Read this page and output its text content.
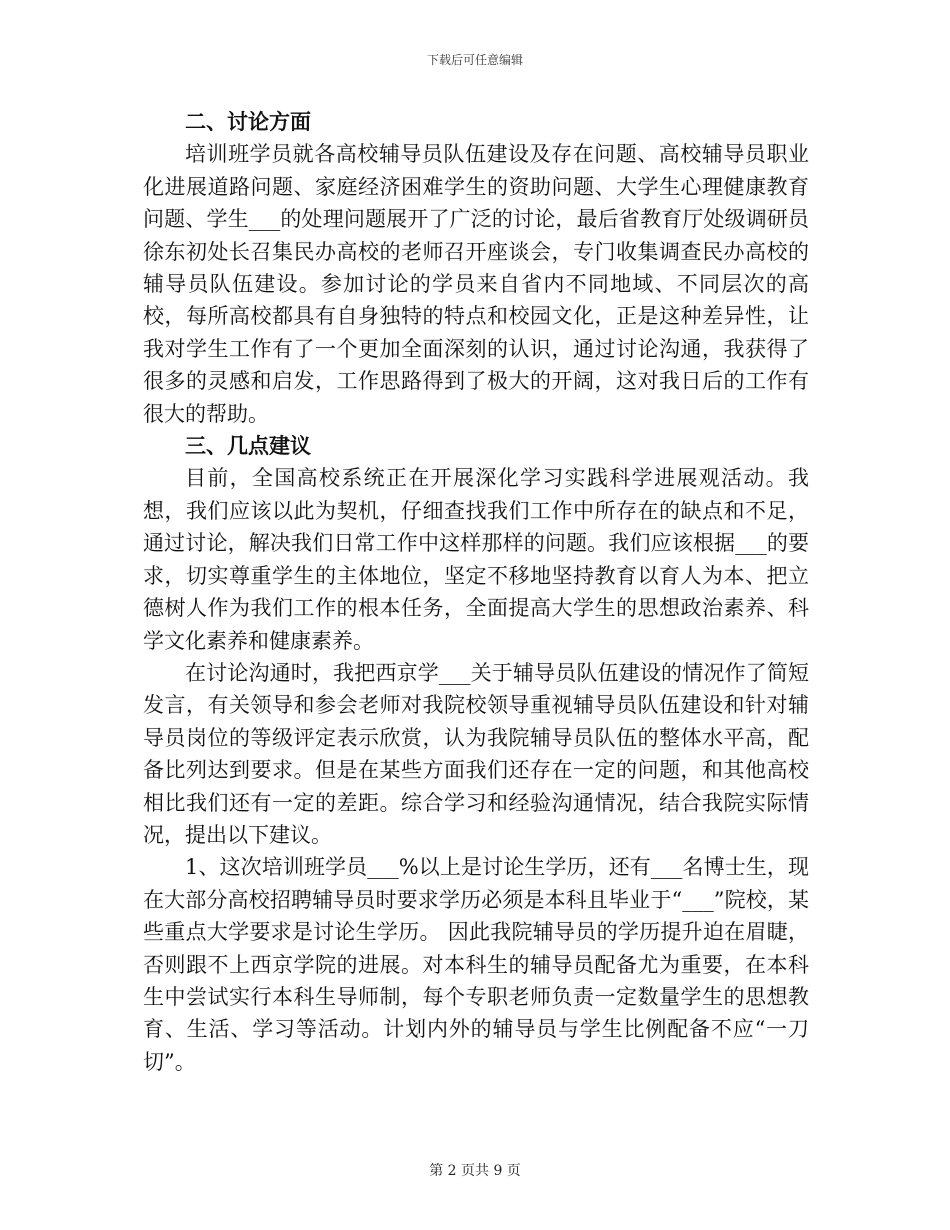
下载后可任意编辑
二、讨论方面

培训班学员就各高校辅导员队伍建设及存在问题、高校辅导员职业化进展道路问题、家庭经济困难学生的资助问题、大学生心理健康教育问题、学生___的处理问题展开了广泛的讨论，最后省教育厅处级调研员徐东初处长召集民办高校的老师召开座谈会，专门收集调查民办高校的辅导员队伍建设。参加讨论的学员来自省内不同地域、不同层次的高校，每所高校都具有自身独特的特点和校园文化，正是这种差异性，让我对学生工作有了一个更加全面深刻的认识，通过讨论沟通，我获得了很多的灵感和启发，工作思路得到了极大的开阔，这对我日后的工作有很大的帮助。

三、几点建议

目前，全国高校系统正在开展深化学习实践科学进展观活动。我想，我们应该以此为契机，仔细查找我们工作中所存在的缺点和不足，通过讨论，解决我们日常工作中这样那样的问题。我们应该根据___的要求，切实尊重学生的主体地位，坚定不移地坚持教育以育人为本、把立德树人作为我们工作的根本任务，全面提高大学生的思想政治素养、科学文化素养和健康素养。

在讨论沟通时，我把西京学___关于辅导员队伍建设的情况作了简短发言，有关领导和参会老师对我院校领导重视辅导员队伍建设和针对辅导员岗位的等级评定表示欣赏，认为我院辅导员队伍的整体水平高，配备比列达到要求。但是在某些方面我们还存在一定的问题，和其他高校相比我们还有一定的差距。综合学习和经验沟通情况，结合我院实际情况，提出以下建议。

1、这次培训班学员___%以上是讨论生学历，还有___名博士生，现在大部分高校招聘辅导员时要求学历必须是本科且毕业于“___”院校，某些重点大学要求是讨论生学历。 因此我院辅导员的学历提升迫在眉睫，否则跟不上西京学院的进展。对本科生的辅导员配备尤为重要，在本科生中尝试实行本科生导师制，每个专职老师负责一定数量学生的思想教育、生活、学习等活动。计划内外的辅导员与学生比例配备不应“一刀切”。

第 2 页共 9 页
